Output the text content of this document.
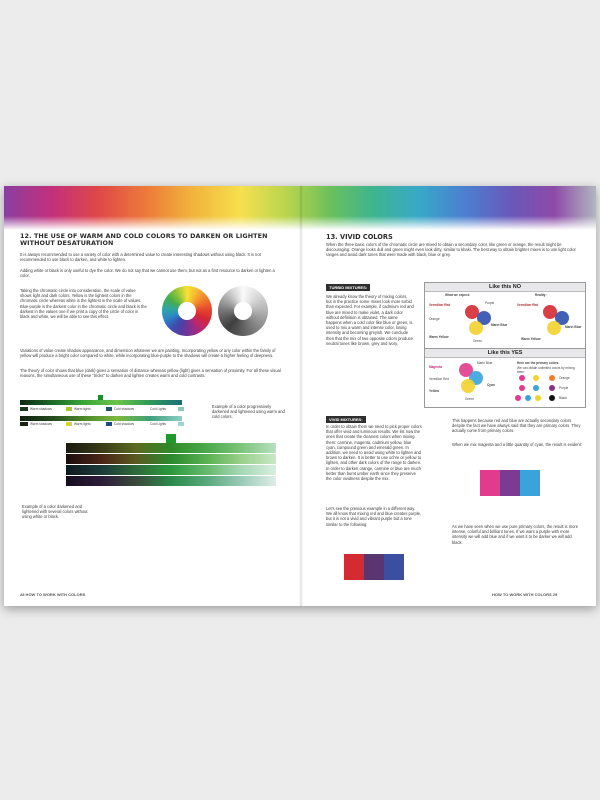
12. THE USE OF WARM AND COLD COLORS TO DARKEN OR LIGHTEN WITHOUT DESATURATION

It is always recommended to use a variety of color with a determined value to create interesting shadows without using black. It is not recommended to use black to darken, and white to lighten.

Adding white or black is only useful to dye the color. We do not say that we cannot use them, but not as a first resource to darken or lighten a color.

Taking the chromatic circle into consideration, the scale of value shows light and dark colors. Yellow is the lightest colors in the chromatic circle whereas white is the lightest in the scale of values. Blue-purple is the darkest color in the chromatic circle and black is the darkest in the values one if we print a copy of the circle of color in black and white, we will be able to see this effect.

Variations of value create shadow appearance, and dimension whatever we are painting. Incorporating yellow or any color within the family of yellow will produce a bright color compared to white, while incorporating blue-purple to the shadows will create a higher feeling of deepness.

The theory of color shows that blue (dark) gives a sensation of distance whereas yellow (light) gives a sensation of proximity. For all these visual reasons, the simultaneous use of these "tricks" to darken and lighten creates warm and cold contrasts.

Warm shadows	Warm lights	Cold shadows	Cold Lights
Warm shadows	Warm lights	Cold shadows	Cold Lights

Example of a color progressively darkened and lightened using warm and cold colors.

Example of a color darkened and lightened with several colors without using white or black.

28 HOW TO WORK WITH COLORS
13. VIVID COLORS

When the three basic colors of the chromatic circle are mixed to obtain a secondary color, like green or orange, the result might be discouraging. Orange looks dull and green might even look dirty, similar to khaki. The best way to obtain brighter mixes is to use light color ranges and avoid dark tones that were made with black, blue or grey.

TURBID MIXTURES:

We already know the theory of mixing colors, but in the practice some mixes look more turbid than expected. For example, if cadmium red and blue are mixed to make violet, a dark color without definition is obtained. The same happens when a cold color like blue or green, is used to mix a warm and intense color, losing intensity and becoming greyish. We conclude then that the mix of two opposite colors produce neutral tones like brown, grey and ivory.

Like this NO
What we expect:	Reality:
Vermilion Red
Orange
Warm Yellow
Purple
Marin Blue
Green
Vermilion Red
Marin Blue
Warm Yellow
Like this YES
Magenta
Vermilion Red
Yellow
Marin Blue
Cyan
Green
Here are the primary colors.
We can obtain unlimited colors by mixing them:
Orange
Purple
Black
VIVID MIXTURES:

In order to obtain them we need to pick proper colors that offer vivid and luminous results. We list now the ones that create the cleanest colors when mixing them: carmine, magenta, cadmium yellow, blue cyan, compound green and emerald green. In addition, we need to avoid using white to lighten and brown to darken. It is better to use ochre or yellow to lighten, and other dark colors of the range to darken. In order to darken orange, carmine or blue are much better than burnt umber earth since they preserve the color vividness despite the mix.

Let's see the previous example in a different way. We all know that mixing red and blue creates purple, but it is not a vivid and vibrant purple but a tone similar to the following:

This happens because red and blue are actually secondary colors despite the fact we have always said that they are primary colors. They actually come from primary colors.

When we mix magenta and a little quantity of cyan, the result is evident:

As we have seen when we use pure primary colors, the result is more intense, colorful and brilliant tones. If we want a purple with more intensity we will add blue and if we want it to be darker we will add black.

HOW TO WORK WITH COLORS 29
